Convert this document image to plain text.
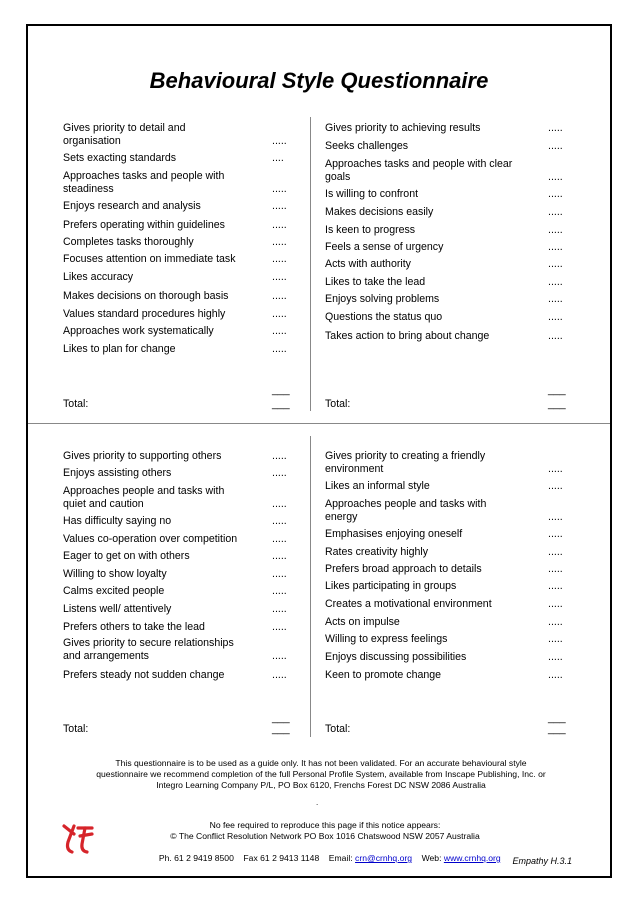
Behavioural Style Questionnaire
Gives priority to detail and
organisation	.....
Sets exacting standards	....
Approaches tasks and people with
steadiness	.....
Enjoys research and analysis	.....
Prefers operating within guidelines	.....
Completes tasks thoroughly	.....
Focuses attention on immediate task	.....
Likes accuracy	.....
Makes decisions on thorough basis	.....
Values standard procedures highly	.....
Approaches work systematically	.....
Likes to plan for change	.....
___
Total:	___
Gives priority to achieving results	.....
Seeks challenges	.....
Approaches tasks and people with clear
goals	.....
Is willing to confront	.....
Makes decisions easily	.....
Is keen to progress	.....
Feels a sense of urgency	.....
Acts with authority	.....
Likes to take the lead	.....
Enjoys solving problems	.....
Questions the status quo	.....
Takes action to bring about change	.....
___
Total:	___
Gives priority to supporting others	.....
Enjoys assisting others	.....
Approaches people and tasks with
quiet and caution	.....
Has difficulty saying no	.....
Values co-operation over competition	.....
Eager to get on with others	.....
Willing to show loyalty	.....
Calms excited people	.....
Listens well/ attentively	.....
Prefers others to take the lead	.....
Gives priority to secure relationships
and arrangements	.....
Prefers steady not sudden change	.....
___
Total:	___
Gives priority to creating a friendly
environment	.....
Likes an informal style	.....
Approaches people and tasks with
energy	.....
Emphasises enjoying oneself	.....
Rates creativity highly	.....
Prefers broad approach to details	.....
Likes participating in groups	.....
Creates a motivational environment	.....
Acts on impulse	.....
Willing to express feelings	.....
Enjoys discussing possibilities	.....
Keen to promote change	.....
___
Total:	___
This questionnaire is to be used as a guide only. It has not been validated. For an accurate behavioural style
questionnaire we recommend completion of the full Personal Profile System, available from Inscape Publishing, Inc. or
Integro Learning Company P/L, PO Box 6120, Frenchs Forest DC NSW 2086 Australia
.
No fee required to reproduce this page if this notice appears:
© The Conflict Resolution Network PO Box 1016 Chatswood NSW 2057 Australia

Ph. 61 2 9419 8500    Fax 61 2 9413 1148    Email: crn@crnhq.org    Web: www.crnhq.org
	Empathy H.3.1
